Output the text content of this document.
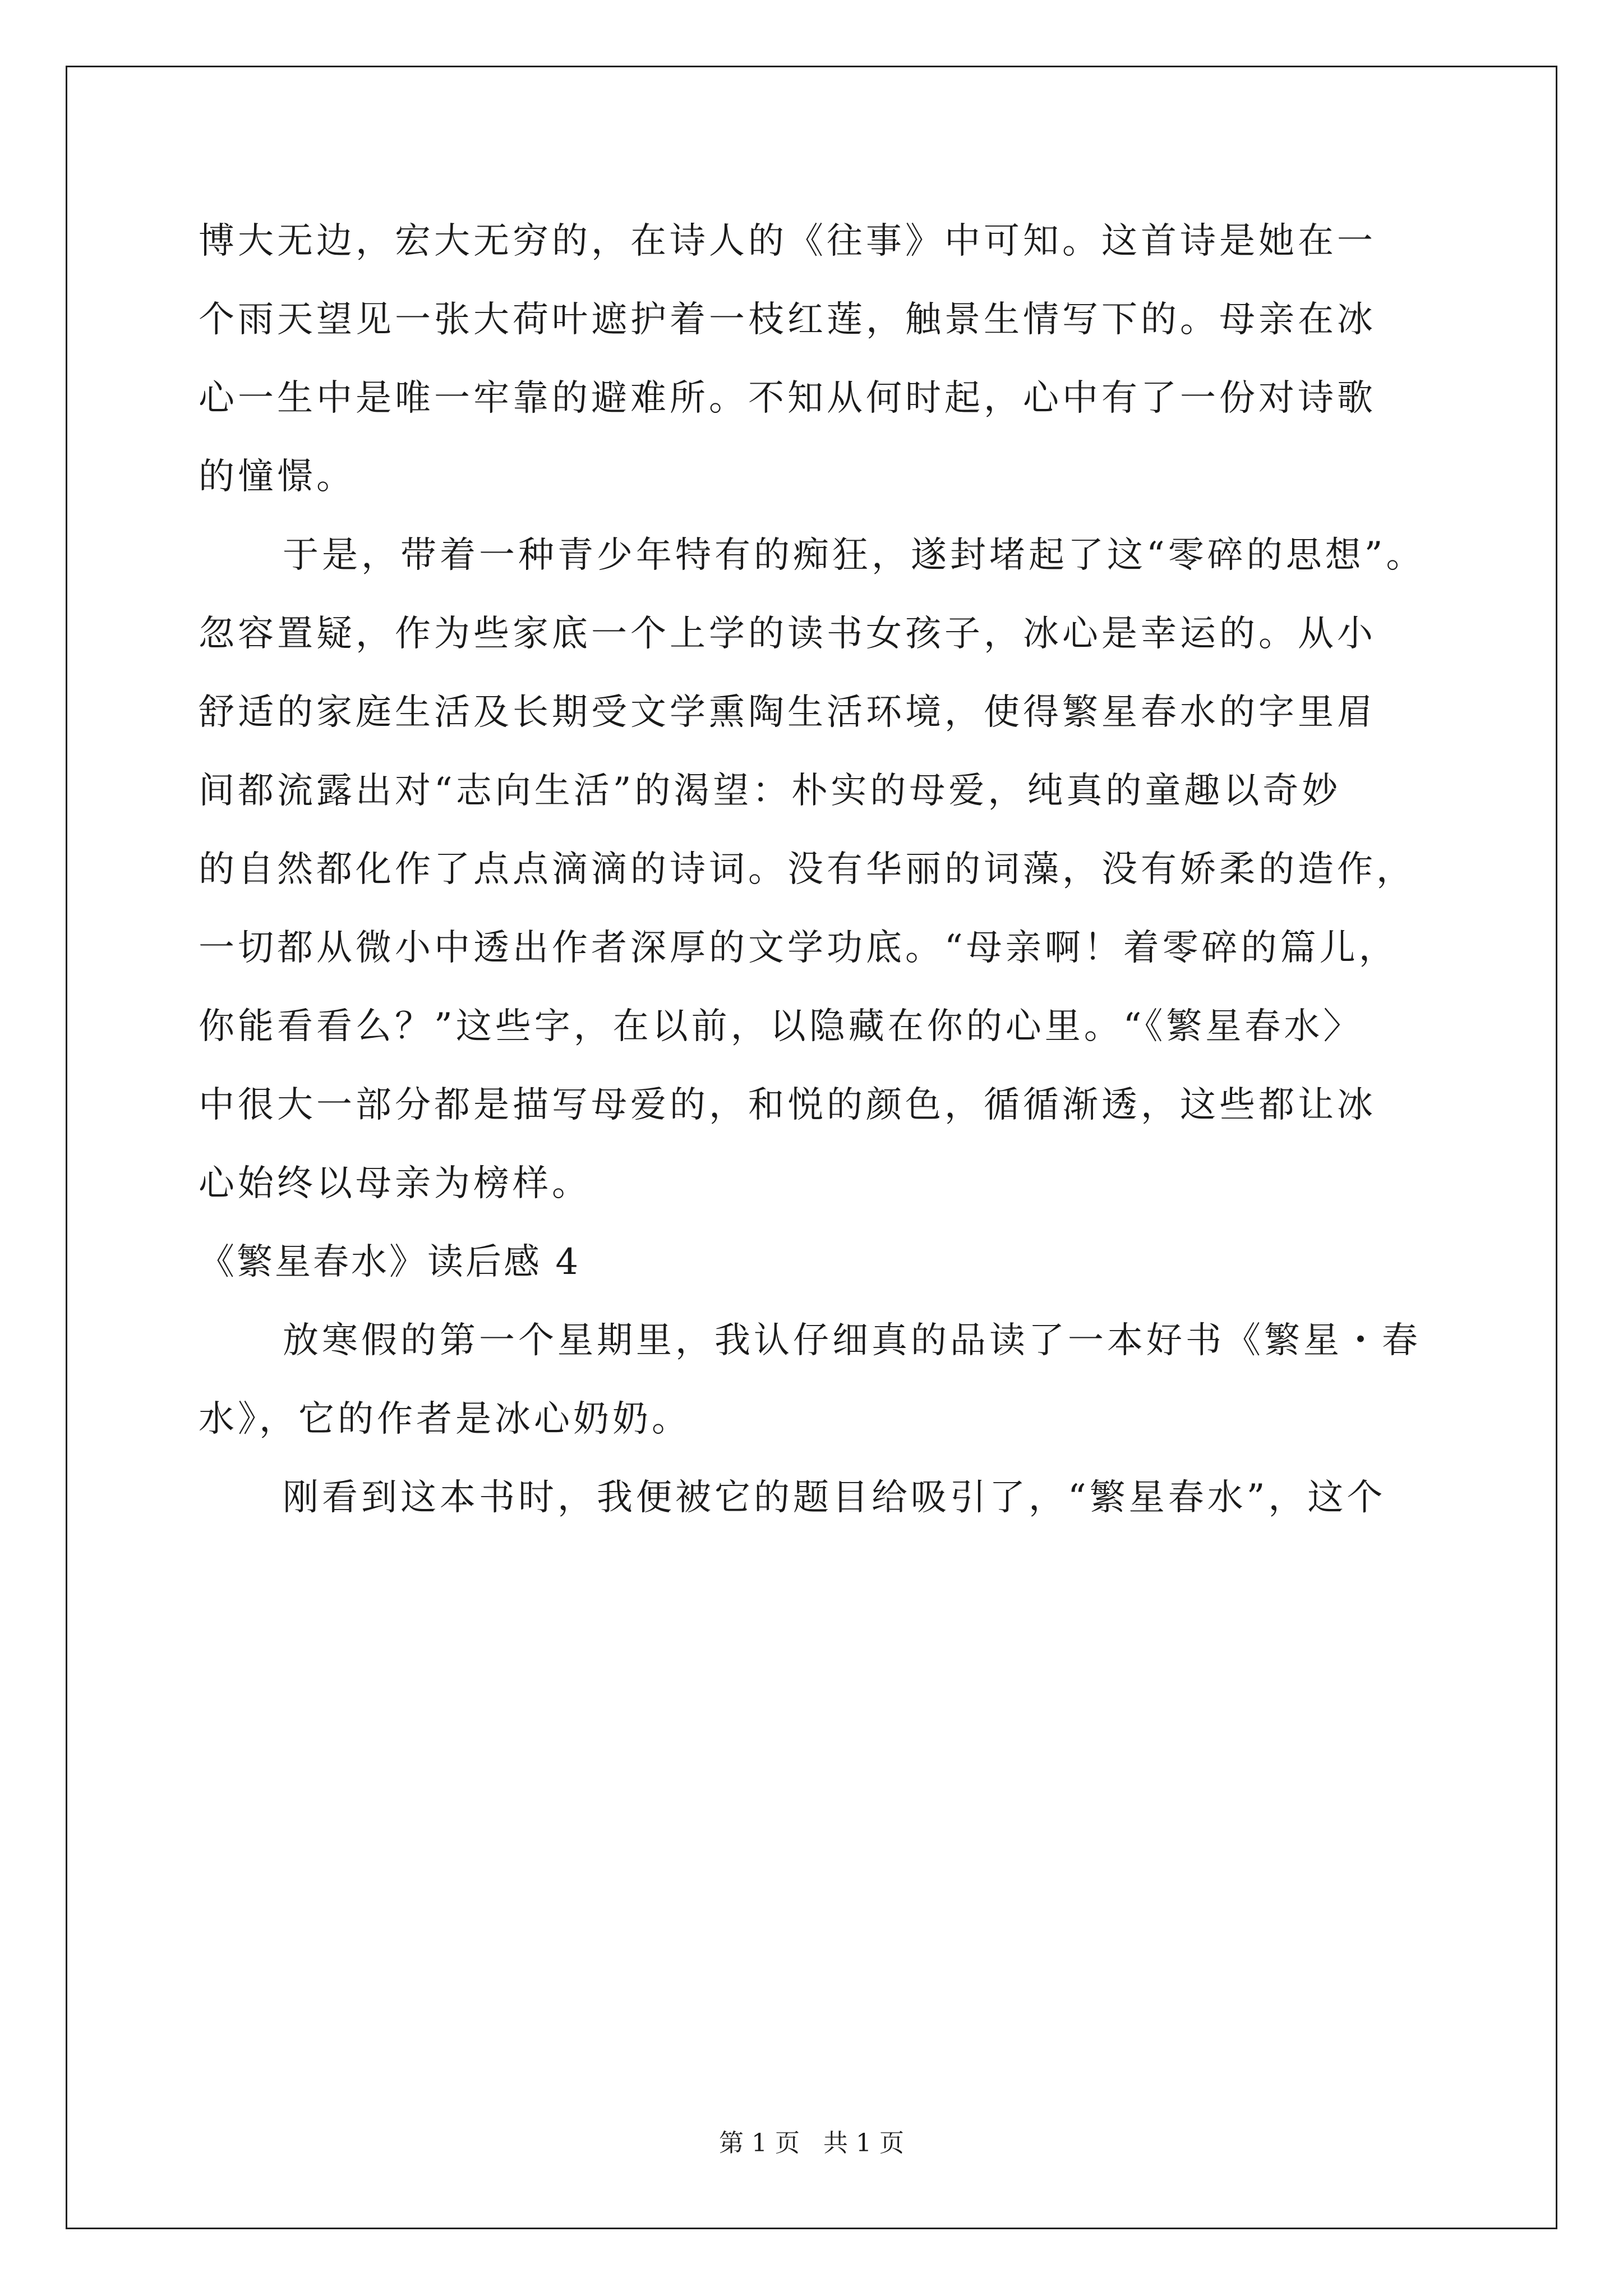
博大无边，宏大无穷的，在诗人的《往事》中可知。这首诗是她在一
个雨天望见一张大荷叶遮护着一枝红莲，触景生情写下的。母亲在冰
心一生中是唯一牢靠的避难所。不知从何时起，心中有了一份对诗歌
的憧憬。
于是，带着一种青少年特有的痴狂，遂封堵起了这“零碎的思想”。
忽容置疑，作为些家底一个上学的读书女孩子，冰心是幸运的。从小
舒适的家庭生活及长期受文学熏陶生活环境，使得繁星春水的字里眉
间都流露出对“志向生活”的渴望：朴实的母爱，纯真的童趣以奇妙
的自然都化作了点点滴滴的诗词。没有华丽的词藻，没有娇柔的造作，
一切都从微小中透出作者深厚的文学功底。“母亲啊！着零碎的篇儿，
你能看看么？”这些字，在以前，以隐藏在你的心里。“《繁星春水〉
中很大一部分都是描写母爱的，和悦的颜色，循循渐透，这些都让冰
心始终以母亲为榜样。
《繁星春水》读后感 4
放寒假的第一个星期里，我认仔细真的品读了一本好书《繁星・春
水》，它的作者是冰心奶奶。
刚看到这本书时，我便被它的题目给吸引了，“繁星春水”，这个
第 1 页   共 1 页
